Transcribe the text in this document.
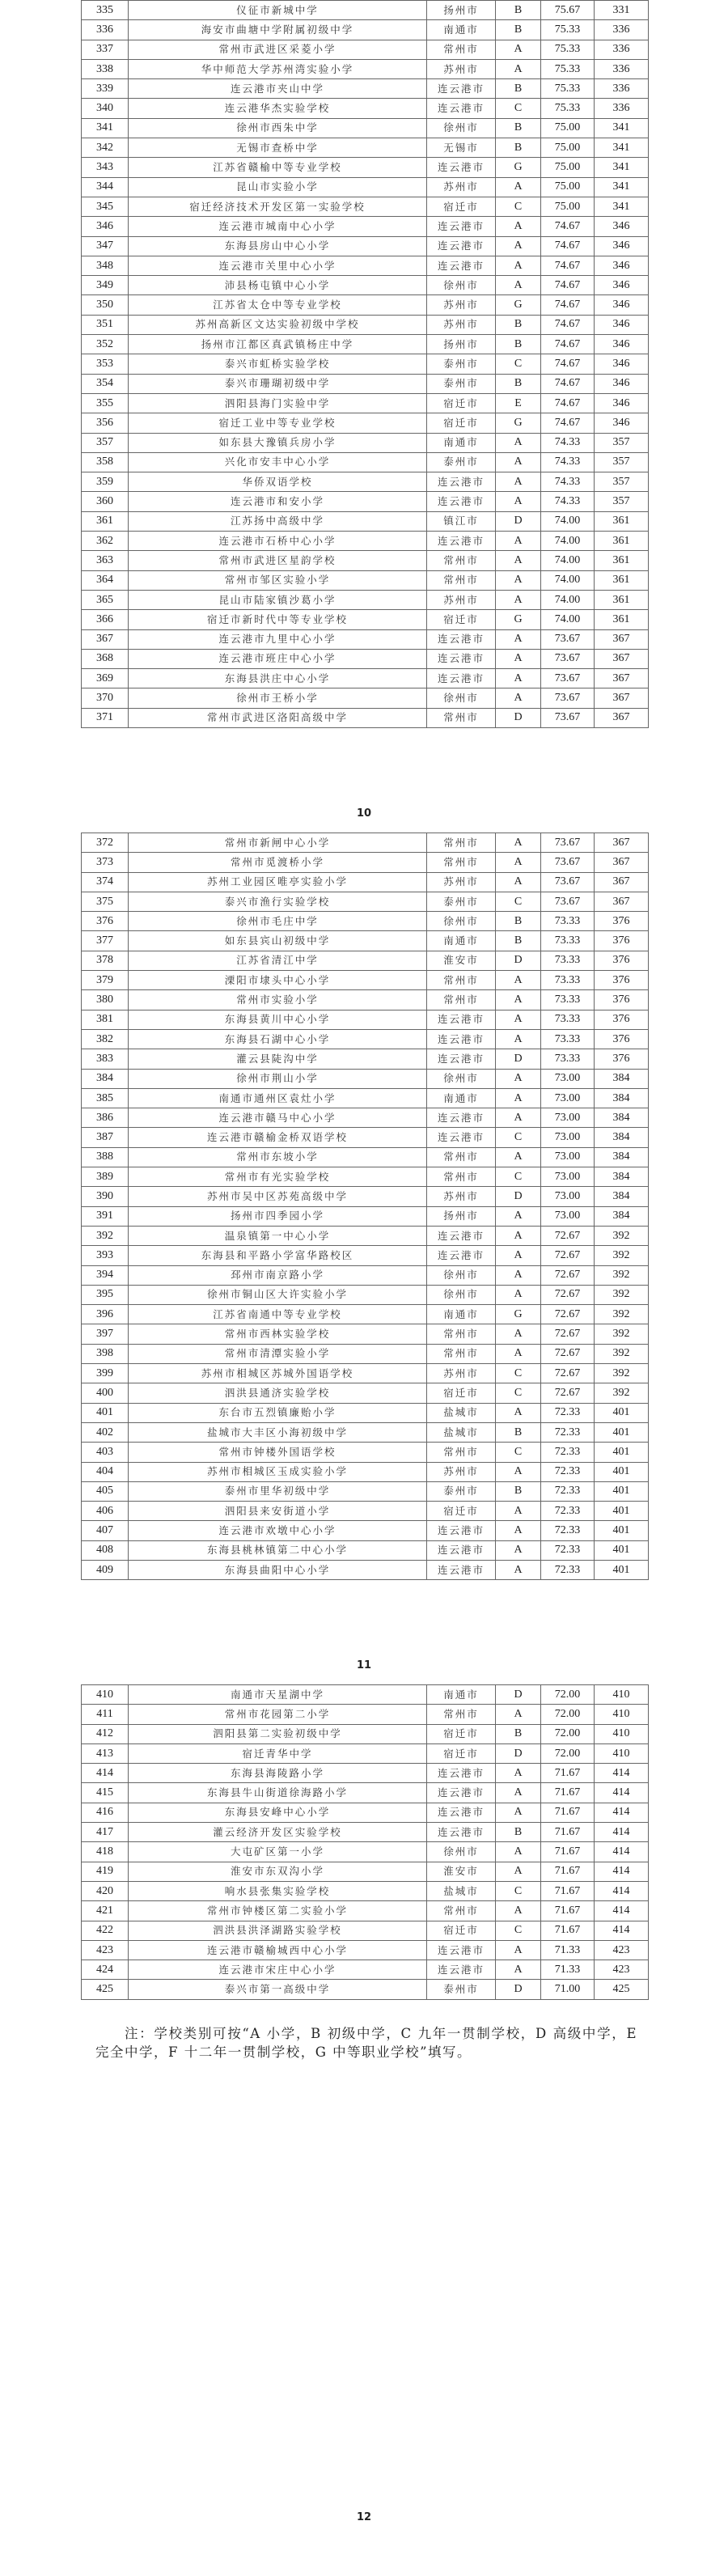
335	仪征市新城中学	扬州市	B	75.67	331
336	海安市曲塘中学附属初级中学	南通市	B	75.33	336
337	常州市武进区采菱小学	常州市	A	75.33	336
338	华中师范大学苏州湾实验小学	苏州市	A	75.33	336
339	连云港市夹山中学	连云港市	B	75.33	336
340	连云港华杰实验学校	连云港市	C	75.33	336
341	徐州市西朱中学	徐州市	B	75.00	341
342	无锡市查桥中学	无锡市	B	75.00	341
343	江苏省赣榆中等专业学校	连云港市	G	75.00	341
344	昆山市实验小学	苏州市	A	75.00	341
345	宿迁经济技术开发区第一实验学校	宿迁市	C	75.00	341
346	连云港市城南中心小学	连云港市	A	74.67	346
347	东海县房山中心小学	连云港市	A	74.67	346
348	连云港市关里中心小学	连云港市	A	74.67	346
349	沛县杨屯镇中心小学	徐州市	A	74.67	346
350	江苏省太仓中等专业学校	苏州市	G	74.67	346
351	苏州高新区文达实验初级中学校	苏州市	B	74.67	346
352	扬州市江都区真武镇杨庄中学	扬州市	B	74.67	346
353	泰兴市虹桥实验学校	泰州市	C	74.67	346
354	泰兴市珊瑚初级中学	泰州市	B	74.67	346
355	泗阳县海门实验中学	宿迁市	E	74.67	346
356	宿迁工业中等专业学校	宿迁市	G	74.67	346
357	如东县大豫镇兵房小学	南通市	A	74.33	357
358	兴化市安丰中心小学	泰州市	A	74.33	357
359	华侨双语学校	连云港市	A	74.33	357
360	连云港市和安小学	连云港市	A	74.33	357
361	江苏扬中高级中学	镇江市	D	74.00	361
362	连云港市石桥中心小学	连云港市	A	74.00	361
363	常州市武进区星韵学校	常州市	A	74.00	361
364	常州市邹区实验小学	常州市	A	74.00	361
365	昆山市陆家镇沙葛小学	苏州市	A	74.00	361
366	宿迁市新时代中等专业学校	宿迁市	G	74.00	361
367	连云港市九里中心小学	连云港市	A	73.67	367
368	连云港市班庄中心小学	连云港市	A	73.67	367
369	东海县洪庄中心小学	连云港市	A	73.67	367
370	徐州市王桥小学	徐州市	A	73.67	367
371	常州市武进区洛阳高级中学	常州市	D	73.67	367
10
372	常州市新闸中心小学	常州市	A	73.67	367
373	常州市觅渡桥小学	常州市	A	73.67	367
374	苏州工业园区唯亭实验小学	苏州市	A	73.67	367
375	泰兴市渔行实验学校	泰州市	C	73.67	367
376	徐州市毛庄中学	徐州市	B	73.33	376
377	如东县宾山初级中学	南通市	B	73.33	376
378	江苏省清江中学	淮安市	D	73.33	376
379	溧阳市埭头中心小学	常州市	A	73.33	376
380	常州市实验小学	常州市	A	73.33	376
381	东海县黄川中心小学	连云港市	A	73.33	376
382	东海县石湖中心小学	连云港市	A	73.33	376
383	灌云县陡沟中学	连云港市	D	73.33	376
384	徐州市荆山小学	徐州市	A	73.00	384
385	南通市通州区袁灶小学	南通市	A	73.00	384
386	连云港市赣马中心小学	连云港市	A	73.00	384
387	连云港市赣榆金桥双语学校	连云港市	C	73.00	384
388	常州市东坡小学	常州市	A	73.00	384
389	常州市有光实验学校	常州市	C	73.00	384
390	苏州市吴中区苏苑高级中学	苏州市	D	73.00	384
391	扬州市四季园小学	扬州市	A	73.00	384
392	温泉镇第一中心小学	连云港市	A	72.67	392
393	东海县和平路小学富华路校区	连云港市	A	72.67	392
394	邳州市南京路小学	徐州市	A	72.67	392
395	徐州市铜山区大许实验小学	徐州市	A	72.67	392
396	江苏省南通中等专业学校	南通市	G	72.67	392
397	常州市西林实验学校	常州市	A	72.67	392
398	常州市清潭实验小学	常州市	A	72.67	392
399	苏州市相城区苏城外国语学校	苏州市	C	72.67	392
400	泗洪县通济实验学校	宿迁市	C	72.67	392
401	东台市五烈镇廉贻小学	盐城市	A	72.33	401
402	盐城市大丰区小海初级中学	盐城市	B	72.33	401
403	常州市钟楼外国语学校	常州市	C	72.33	401
404	苏州市相城区玉成实验小学	苏州市	A	72.33	401
405	泰州市里华初级中学	泰州市	B	72.33	401
406	泗阳县来安街道小学	宿迁市	A	72.33	401
407	连云港市欢墩中心小学	连云港市	A	72.33	401
408	东海县桃林镇第二中心小学	连云港市	A	72.33	401
409	东海县曲阳中心小学	连云港市	A	72.33	401
11
410	南通市天星湖中学	南通市	D	72.00	410
411	常州市花园第二小学	常州市	A	72.00	410
412	泗阳县第二实验初级中学	宿迁市	B	72.00	410
413	宿迁青华中学	宿迁市	D	72.00	410
414	东海县海陵路小学	连云港市	A	71.67	414
415	东海县牛山街道徐海路小学	连云港市	A	71.67	414
416	东海县安峰中心小学	连云港市	A	71.67	414
417	灌云经济开发区实验学校	连云港市	B	71.67	414
418	大屯矿区第一小学	徐州市	A	71.67	414
419	淮安市东双沟小学	淮安市	A	71.67	414
420	响水县张集实验学校	盐城市	C	71.67	414
421	常州市钟楼区第二实验小学	常州市	A	71.67	414
422	泗洪县洪泽湖路实验学校	宿迁市	C	71.67	414
423	连云港市赣榆城西中心小学	连云港市	A	71.33	423
424	连云港市宋庄中心小学	连云港市	A	71.33	423
425	泰兴市第一高级中学	泰州市	D	71.00	425
注：学校类别可按“A 小学，B 初级中学，C 九年一贯制学校，D 高级中学，E 完全中学，F 十二年一贯制学校，G 中等职业学校”填写。
12
